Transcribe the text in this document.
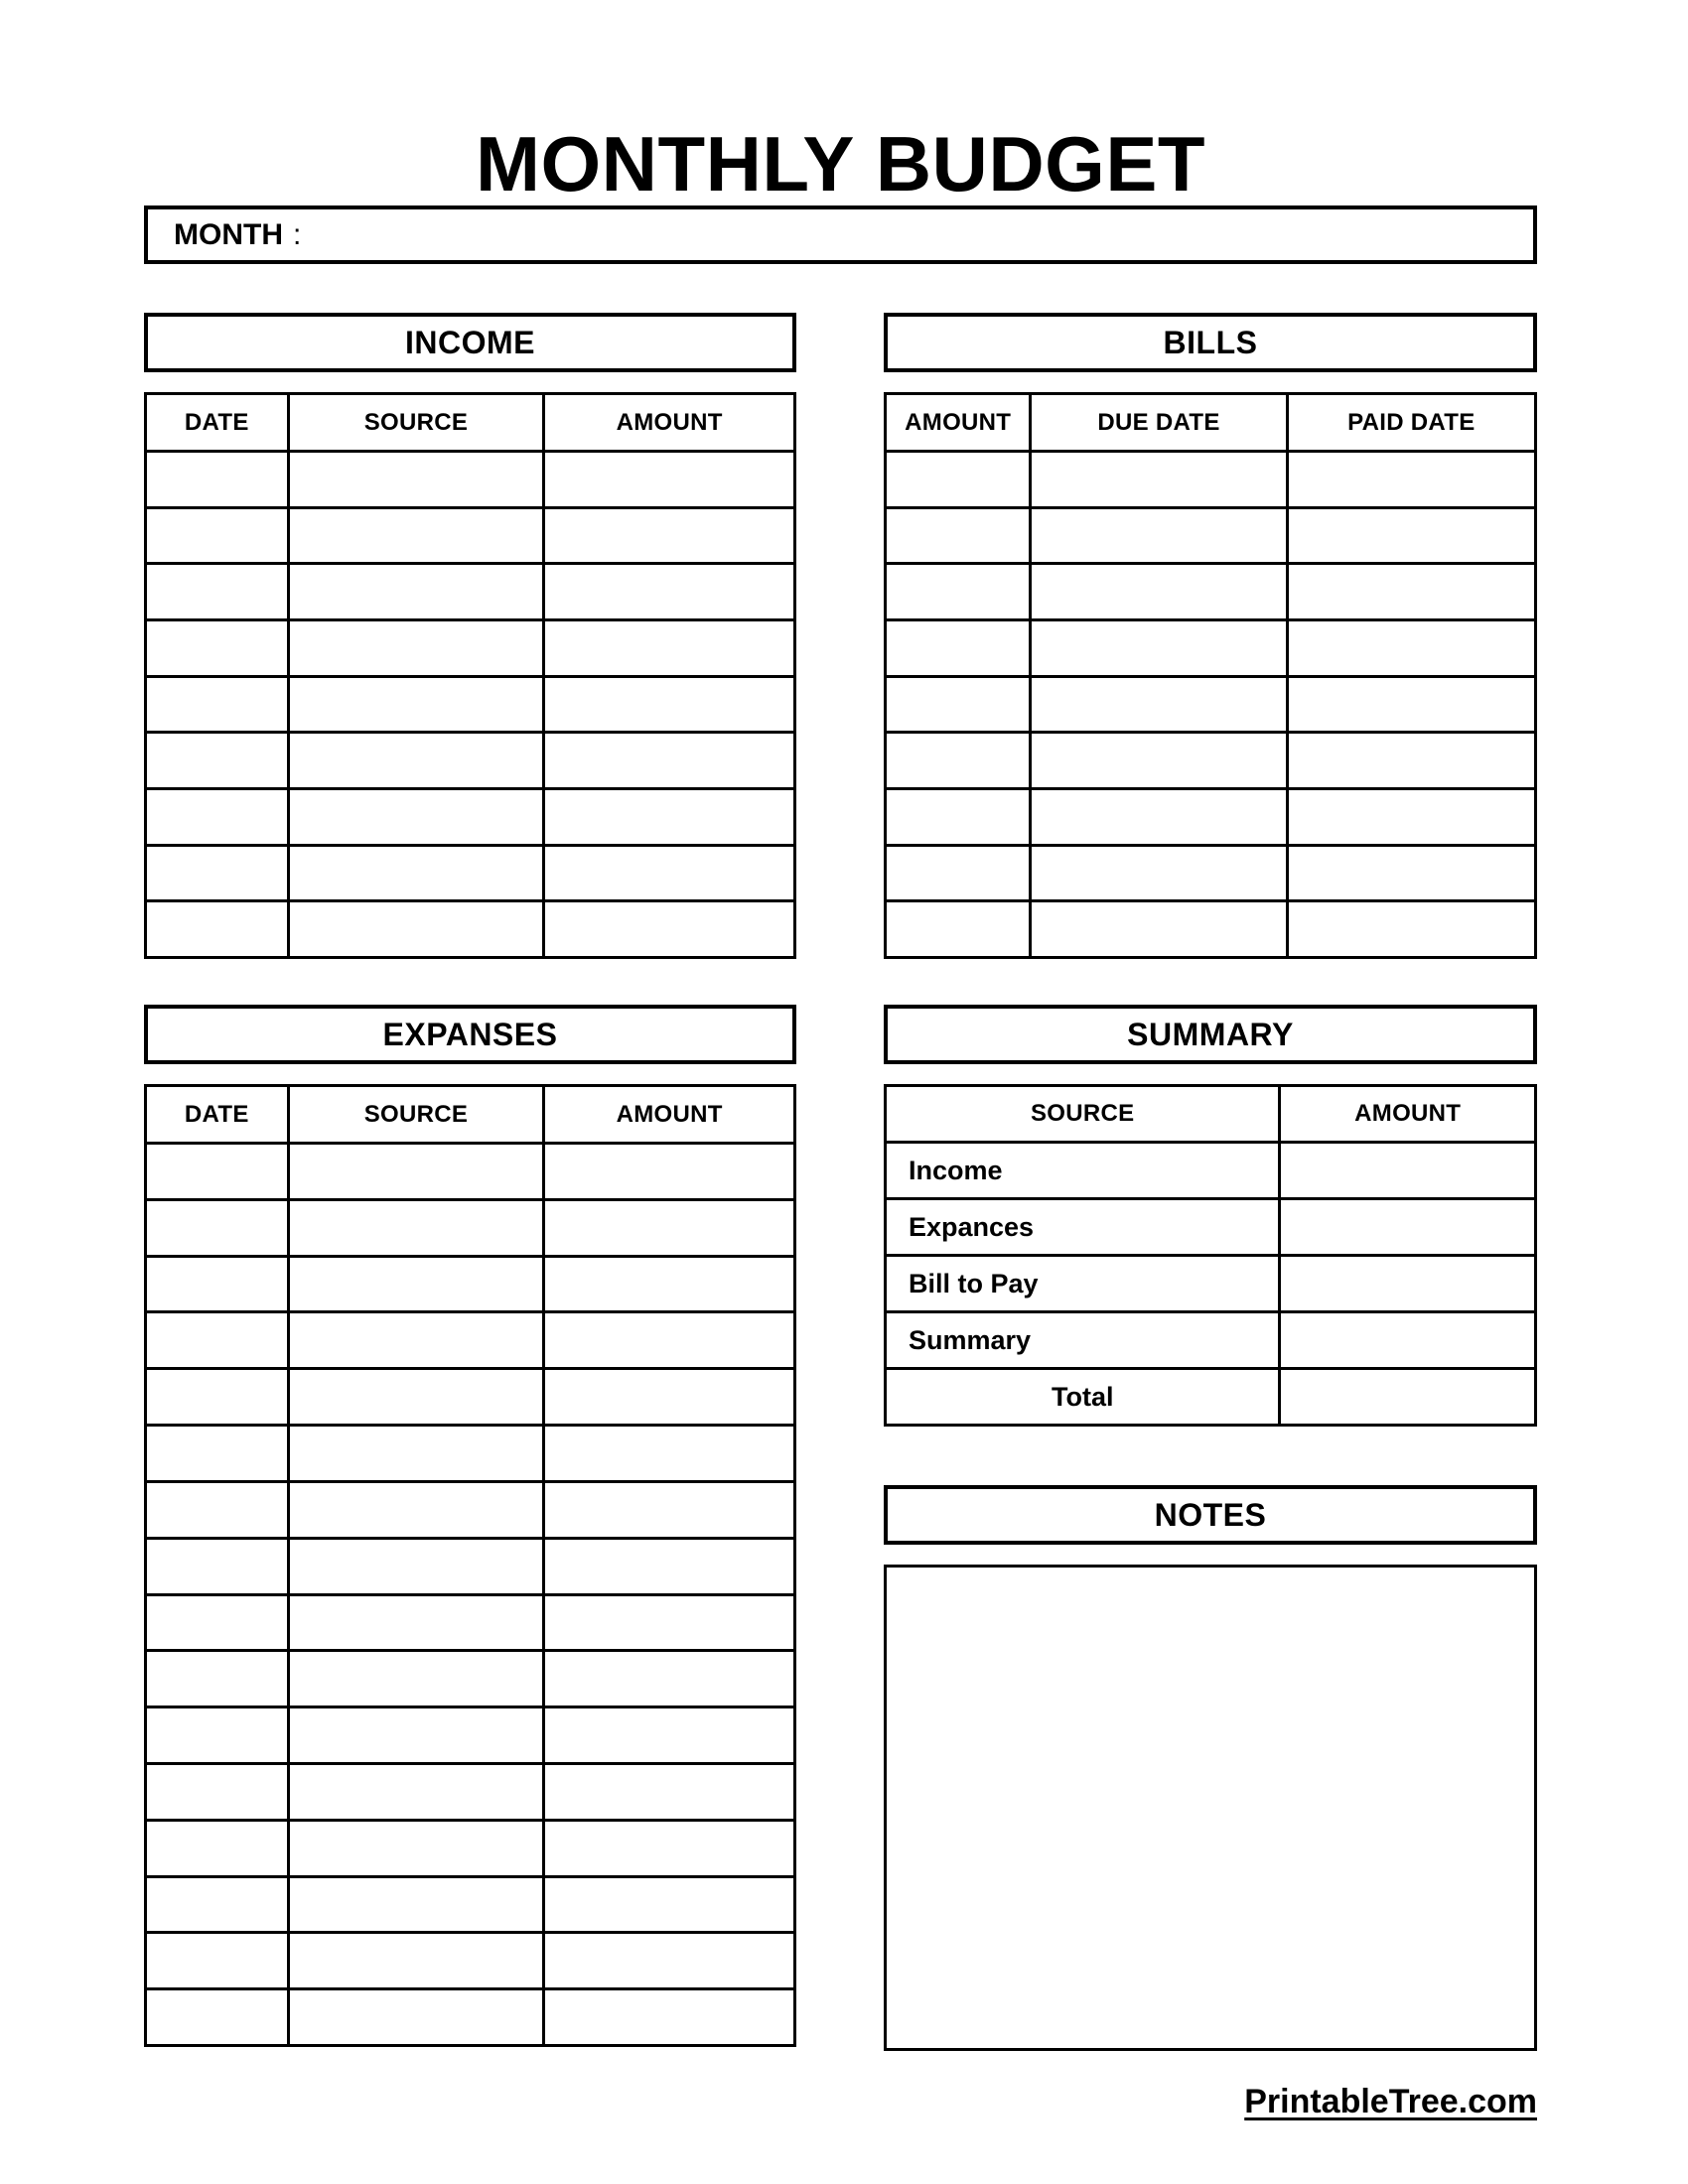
MONTHLY BUDGET
MONTH :
INCOME
DATE	SOURCE	AMOUNT
BILLS
AMOUNT	DUE DATE	PAID DATE
EXPANSES
DATE	SOURCE	AMOUNT
SUMMARY
SOURCE	AMOUNT
Income
Expances
Bill to Pay
Summary
Total
NOTES
PrintableTree.com
